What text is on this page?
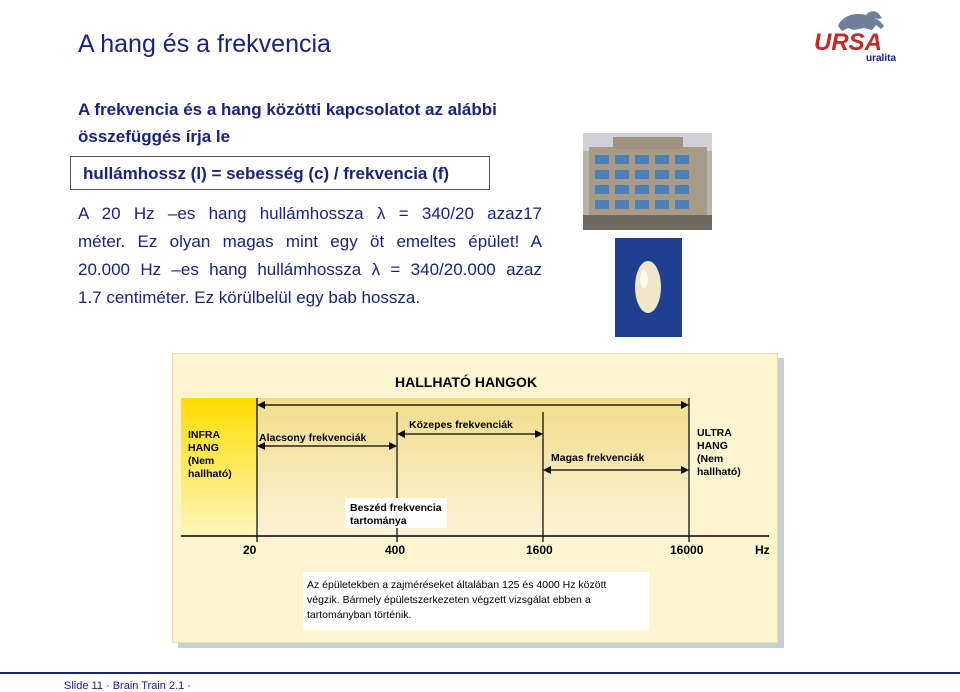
A hang és a frekvencia	URSA
uralita
A frekvencia és a hang közötti kapcsolatot az alábbi
összefüggés írja le
hullámhossz (l) = sebesség (c) / frekvencia (f)
A 20 Hz –es hang hullámhossza λ = 340/20 azaz17
méter. Ez olyan magas mint egy öt emeltes épület! A
20.000 Hz –es hang hullámhossza λ = 340/20.000 azaz
1.7 centiméter. Ez körülbelül egy bab hossza.
HALLHATÓ HANGOK
INFRA
HANG
(Nem
hallható)
ULTRA
HANG
(Nem
hallható)
Alacsony frekvenciák
Közepes frekvenciák
Magas frekvenciák
Beszéd frekvencia
tartománya
20	400	1600	16000	Hz
Az épületekben a zajméréseket általában 125 és 4000 Hz között
végzik. Bármely épületszerkezeten végzett vizsgálat ebben a
tartományban történik.
Slide 11 · Brain Train 2.1 ·
